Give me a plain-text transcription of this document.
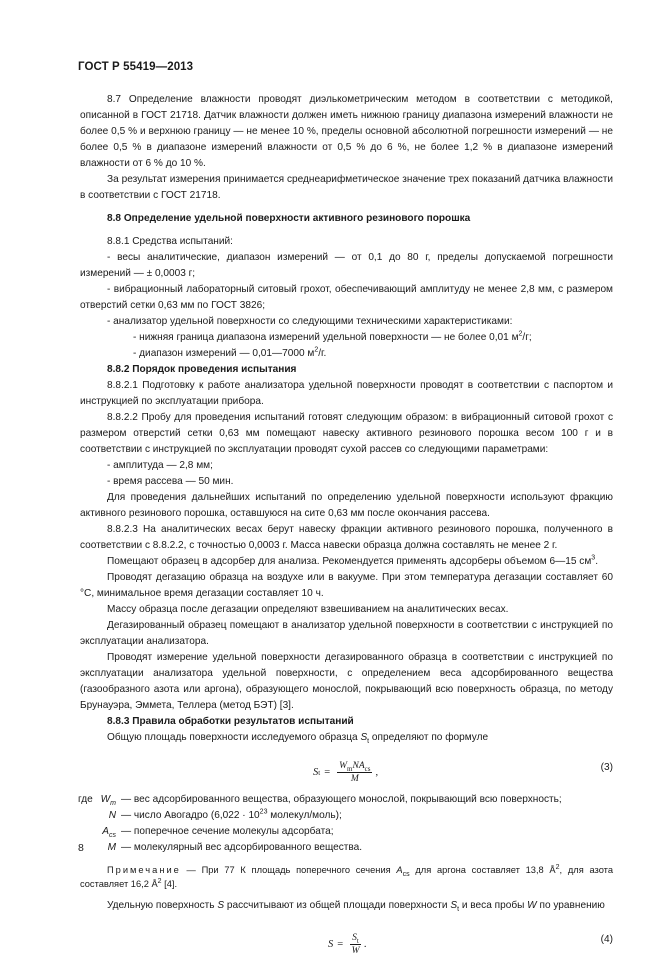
ГОСТ Р 55419—2013

8.7 Определение влажности проводят диэлькометрическим методом в соответствии с методикой, описанной в ГОСТ 21718. Датчик влажности должен иметь нижнюю границу диапазона измерений влажности не более 0,5 % и верхнюю границу — не менее 10 %, пределы основной абсолютной погрешности измерений — не более 0,5 % в диапазоне измерений влажности от 0,5 % до 6 %, не более 1,2 % в диапазоне измерений влажности от 6 % до 10 %.

За результат измерения принимается среднеарифметическое значение трех показаний датчика влажности в соответствии с ГОСТ 21718.

8.8 Определение удельной поверхности активного резинового порошка

8.8.1 Средства испытаний:

- весы аналитические, диапазон измерений — от 0,1 до 80 г, пределы допускаемой погрешности измерений — ± 0,0003 г;

- вибрационный лабораторный ситовый грохот, обеспечивающий амплитуду не менее 2,8 мм, с размером отверстий сетки 0,63 мм по ГОСТ 3826;

- анализатор удельной поверхности со следующими техническими характеристиками:

- нижняя граница диапазона измерений удельной поверхности — не более 0,01 $м^2/г$;

- диапазон измерений — 0,01—7000 $м^2/г$.

8.8.2 Порядок проведения испытания

8.8.2.1 Подготовку к работе анализатора удельной поверхности проводят в соответствии с паспортом и инструкцией по эксплуатации прибора.

8.8.2.2 Пробу для проведения испытаний готовят следующим образом: в вибрационный ситовой грохот с размером отверстий сетки 0,63 мм помещают навеску активного резинового порошка весом 100 г и в соответствии с инструкцией по эксплуатации проводят сухой рассев со следующими параметрами:

- амплитуда — 2,8 мм;

- время рассева — 50 мин.

Для проведения дальнейших испытаний по определению удельной поверхности используют фракцию активного резинового порошка, оставшуюся на сите 0,63 мм после окончания рассева.

8.8.2.3 На аналитических весах берут навеску фракции активного резинового порошка, полученного в соответствии с 8.8.2.2, с точностью 0,0003 г. Масса навески образца должна составлять не менее 2 г.

Помещают образец в адсорбер для анализа. Рекомендуется применять адсорберы объемом 6—15 $см^3$.

Проводят дегазацию образца на воздухе или в вакууме. При этом температура дегазации составляет 60 °С, минимальное время дегазации составляет 10 ч.

Массу образца после дегазации определяют взвешиванием на аналитических весах.

Дегазированный образец помещают в анализатор удельной поверхности в соответствии с инструкцией по эксплуатации анализатора.

Проводят измерение удельной поверхности дегазированного образца в соответствии с инструкцией по эксплуатации анализатора удельной поверхности, с определением веса адсорбированного вещества (газообразного азота или аргона), образующего монослой, покрывающий всю поверхность образца, по методу Брунауэра, Эммета, Теллера (метод БЭТ) [3].

8.8.3 Правила обработки результатов испытаний

Общую площадь поверхности исследуемого образца $S_t$ определяют по формуле

S $t = \frac{W_mNA_{cs}}{M}$ ,	(3)
где $W_m$ — вес адсорбированного вещества, образующего монослой, покрывающий всю поверхность;
N — число Авогадро ($6,022 \cdot 10^{23}$ молекул/моль);
$A_{cs}$ — поперечное сечение молекулы адсорбата;
M — молекулярный вес адсорбированного вещества.

Примечание — При 77 К площадь поперечного сечения $A_{cs}$ для аргона составляет 13,8 $Å^2$, для азота составляет 16,2 $Å^2$ [4].

Удельную поверхность S рассчитывают из общей площади поверхности $S_t$ и веса пробы W по уравнению

$S = \frac{S_t}{W}$ .	(4)
8
